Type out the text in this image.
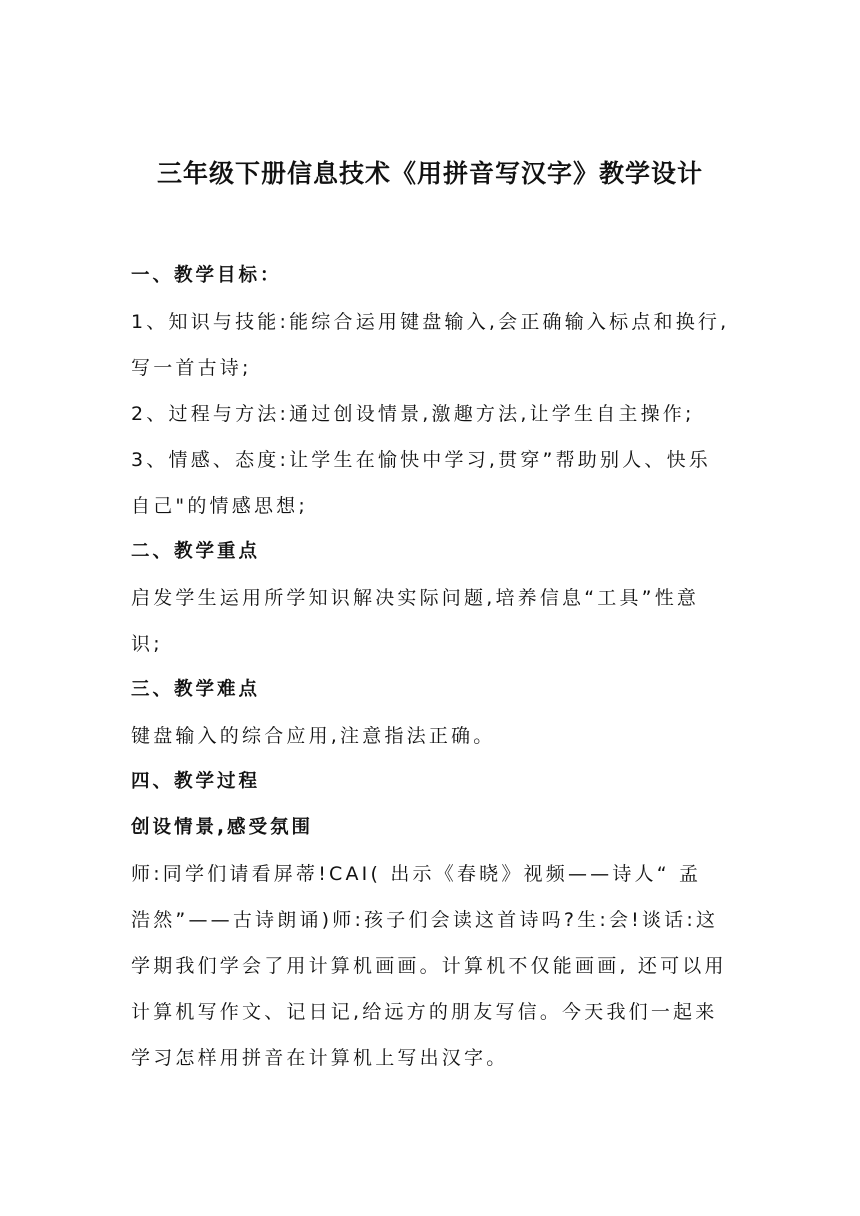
三年级下册信息技术《用拼音写汉字》教学设计
一、教学目标：
1、知识与技能:能综合运用键盘输入,会正确输入标点和换行,
写一首古诗;
2、过程与方法:通过创设情景,激趣方法,让学生自主操作;
3、情感、态度:让学生在愉快中学习,贯穿”帮助别人、快乐
自己"的情感思想;
二、教学重点
启发学生运用所学知识解决实际问题,培养信息“工具”性意
识;
三、教学难点
键盘输入的综合应用,注意指法正确。
四、教学过程
创设情景,感受氛围
师:同学们请看屏蒂!CAI( 出示《春晓》视频——诗人“ 孟
浩然”——古诗朗诵)师:孩子们会读这首诗吗?生:会!谈话:这
学期我们学会了用计算机画画。计算机不仅能画画, 还可以用
计算机写作文、记日记,给远方的朋友写信。今天我们一起来
学习怎样用拼音在计算机上写出汉字。
